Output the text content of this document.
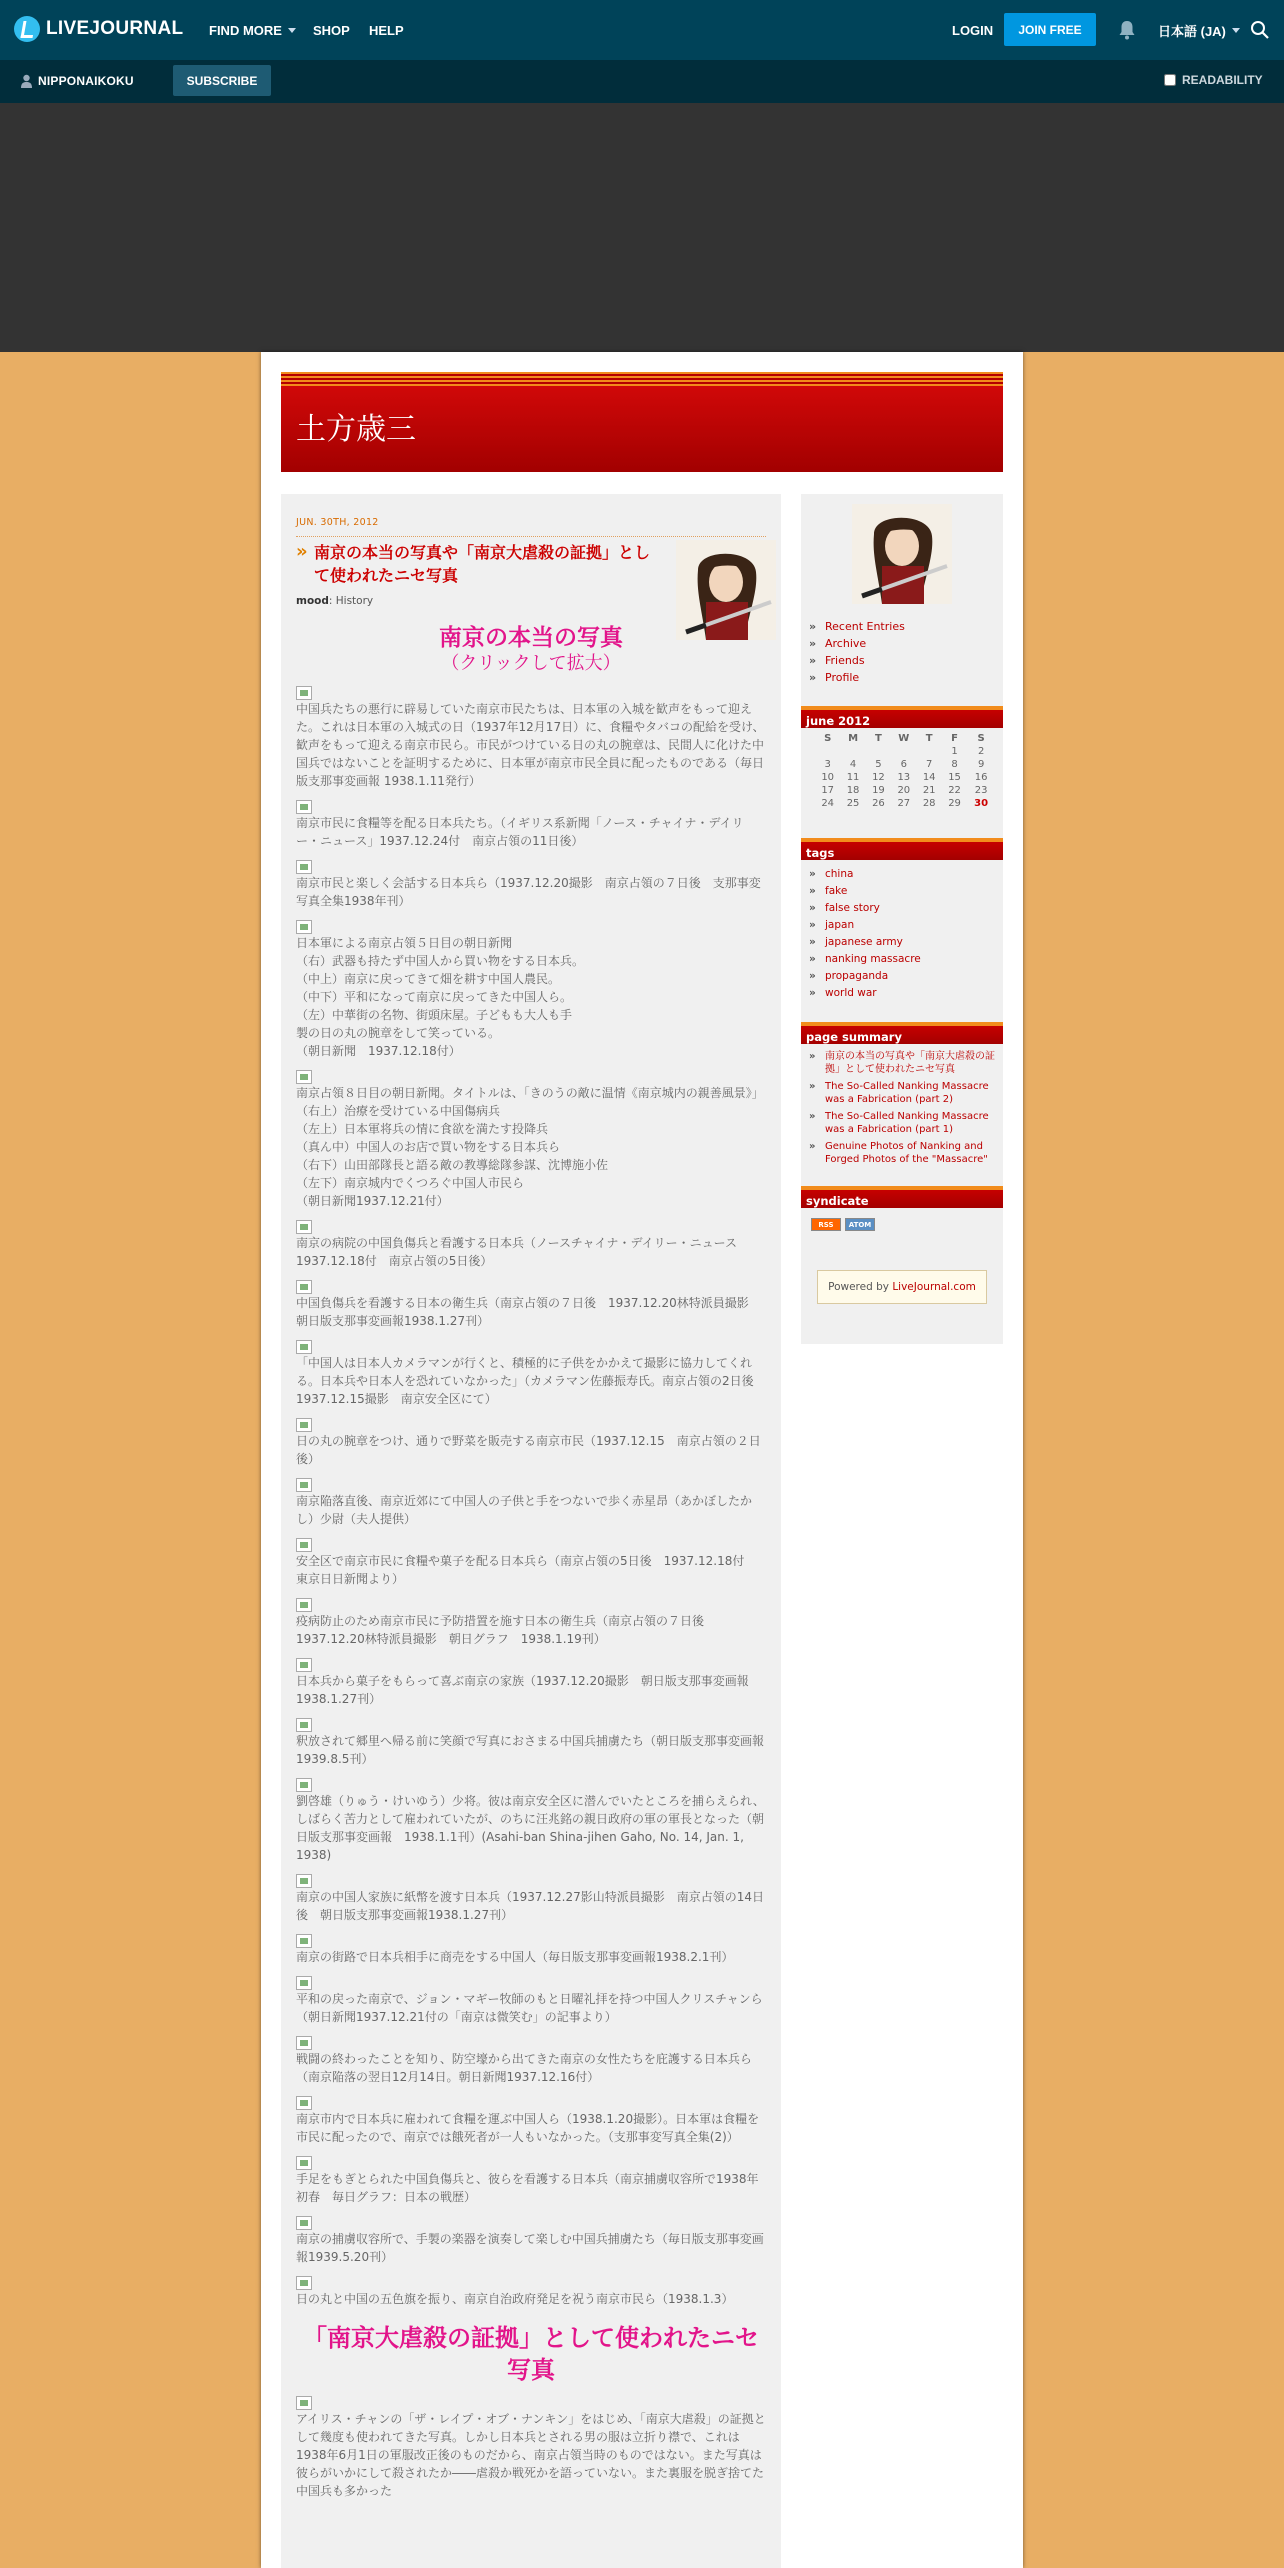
LIVEJOURNAL FIND MORE SHOP HELP	LOGIN	JOIN FREE	日本語 (JA)
NIPPONAIKOKU	SUBSCRIBE	READABILITY
土方歳三
JUN. 30TH, 2012
» 南京の本当の写真や「南京大虐殺の証拠」として使われたニセ写真
mood: History
南京の本当の写真
（クリックして拡大）
中国兵たちの悪行に辟易していた南京市民たちは、日本軍の入城を歓声をもって迎えた。これは日本軍の入城式の日（1937年12月17日）に、食糧やタバコの配給を受け、歓声をもって迎える南京市民ら。市民がつけている日の丸の腕章は、民間人に化けた中国兵ではないことを証明するために、日本軍が南京市民全員に配ったものである（毎日版支那事変画報 1938.1.11発行）
南京市民に食糧等を配る日本兵たち。（イギリス系新聞「ノース・チャイナ・デイリー・ニュース」1937.12.24付　南京占領の11日後）
南京市民と楽しく会話する日本兵ら（1937.12.20撮影　南京占領の７日後　支那事変写真全集1938年刊）
日本軍による南京占領５日目の朝日新聞
（右）武器も持たず中国人から買い物をする日本兵。
（中上）南京に戻ってきて畑を耕す中国人農民。
（中下）平和になって南京に戻ってきた中国人ら。
（左）中華街の名物、街頭床屋。子どもも大人も手
製の日の丸の腕章をして笑っている。
（朝日新聞　1937.12.18付）
南京占領８日目の朝日新聞。タイトルは、「きのうの敵に温情《南京城内の親善風景》」
（右上）治療を受けている中国傷病兵
（左上）日本軍将兵の情に食欲を満たす投降兵
（真ん中）中国人のお店で買い物をする日本兵ら
（右下）山田部隊長と語る敵の教導総隊参謀、沈博施小佐
（左下）南京城内でくつろぐ中国人市民ら
（朝日新聞1937.12.21付）
南京の病院の中国負傷兵と看護する日本兵（ノースチャイナ・デイリー・ニュース　1937.12.18付　南京占領の5日後）
中国負傷兵を看護する日本の衛生兵（南京占領の７日後　1937.12.20林特派員撮影　朝日版支那事変画報1938.1.27刊）
「中国人は日本人カメラマンが行くと、積極的に子供をかかえて撮影に協力してくれる。日本兵や日本人を恐れていなかった」（カメラマン佐藤振寿氏。南京占領の2日後　1937.12.15撮影　南京安全区にて）
日の丸の腕章をつけ、通りで野菜を販売する南京市民（1937.12.15　南京占領の２日後）
南京陥落直後、南京近郊にて中国人の子供と手をつないで歩く赤星昂（あかぼしたかし）少尉（夫人提供）
安全区で南京市民に食糧や菓子を配る日本兵ら（南京占領の5日後　1937.12.18付　東京日日新聞より）
疫病防止のため南京市民に予防措置を施す日本の衛生兵（南京占領の７日後　1937.12.20林特派員撮影　朝日グラフ　1938.1.19刊）
日本兵から菓子をもらって喜ぶ南京の家族（1937.12.20撮影　朝日版支那事変画報1938.1.27刊）
釈放されて郷里へ帰る前に笑顔で写真におさまる中国兵捕虜たち（朝日版支那事変画報　1939.8.5刊）
劉啓雄（りゅう・けいゆう）少将。彼は南京安全区に潜んでいたところを捕らえられ、しばらく苦力として雇われていたが、のちに汪兆銘の親日政府の軍の軍長となった（朝日版支那事変画報　1938.1.1刊）(Asahi-ban Shina-jihen Gaho, No. 14, Jan. 1, 1938)
南京の中国人家族に紙幣を渡す日本兵（1937.12.27影山特派員撮影　南京占領の14日後　朝日版支那事変画報1938.1.27刊）
南京の街路で日本兵相手に商売をする中国人（毎日版支那事変画報1938.2.1刊）
平和の戻った南京で、ジョン・マギー牧師のもと日曜礼拝を持つ中国人クリスチャンら（朝日新聞1937.12.21付の「南京は微笑む」の記事より）
戦闘の終わったことを知り、防空壕から出てきた南京の女性たちを庇護する日本兵ら（南京陥落の翌日12月14日。朝日新聞1937.12.16付）
南京市内で日本兵に雇われて食糧を運ぶ中国人ら（1938.1.20撮影）。日本軍は食糧を市民に配ったので、南京では餓死者が一人もいなかった。（支那事変写真全集(2)）
手足をもぎとられた中国負傷兵と、彼らを看護する日本兵（南京捕虜収容所で1938年初春　毎日グラフ：日本の戦歴）
南京の捕虜収容所で、手製の楽器を演奏して楽しむ中国兵捕虜たち（毎日版支那事変画報1939.5.20刊）
日の丸と中国の五色旗を振り、南京自治政府発足を祝う南京市民ら（1938.1.3）
「南京大虐殺の証拠」として使われたニセ写真
アイリス・チャンの「ザ・レイプ・オブ・ナンキン」をはじめ、「南京大虐殺」の証拠として幾度も使われてきた写真。しかし日本兵とされる男の服は立折り襟で、これは1938年6月1日の軍服改正後のものだから、南京占領当時のものではない。また写真は彼らがいかにして殺されたか――虐殺か戦死かを語っていない。また裏服を脱ぎ捨てた中国兵も多かった
» Recent Entries
» Archive
» Friends
» Profile
june 2012
S	M	T	W	T	F	S
					1	2
3	4	5	6	7	8	9
10	11	12	13	14	15	16
17	18	19	20	21	22	23
24	25	26	27	28	29	30
tags
» china
» fake
» false story
» japan
» japanese army
» nanking massacre
» propaganda
» world war
page summary
» 南京の本当の写真や「南京大虐殺の証拠」として使われたニセ写真
» The So-Called Nanking Massacre was a Fabrication (part 2)
» The So-Called Nanking Massacre was a Fabrication (part 1)
» Genuine Photos of Nanking and Forged Photos of the "Massacre"
syndicate
RSS	ATOM
Powered by
LiveJournal.com
